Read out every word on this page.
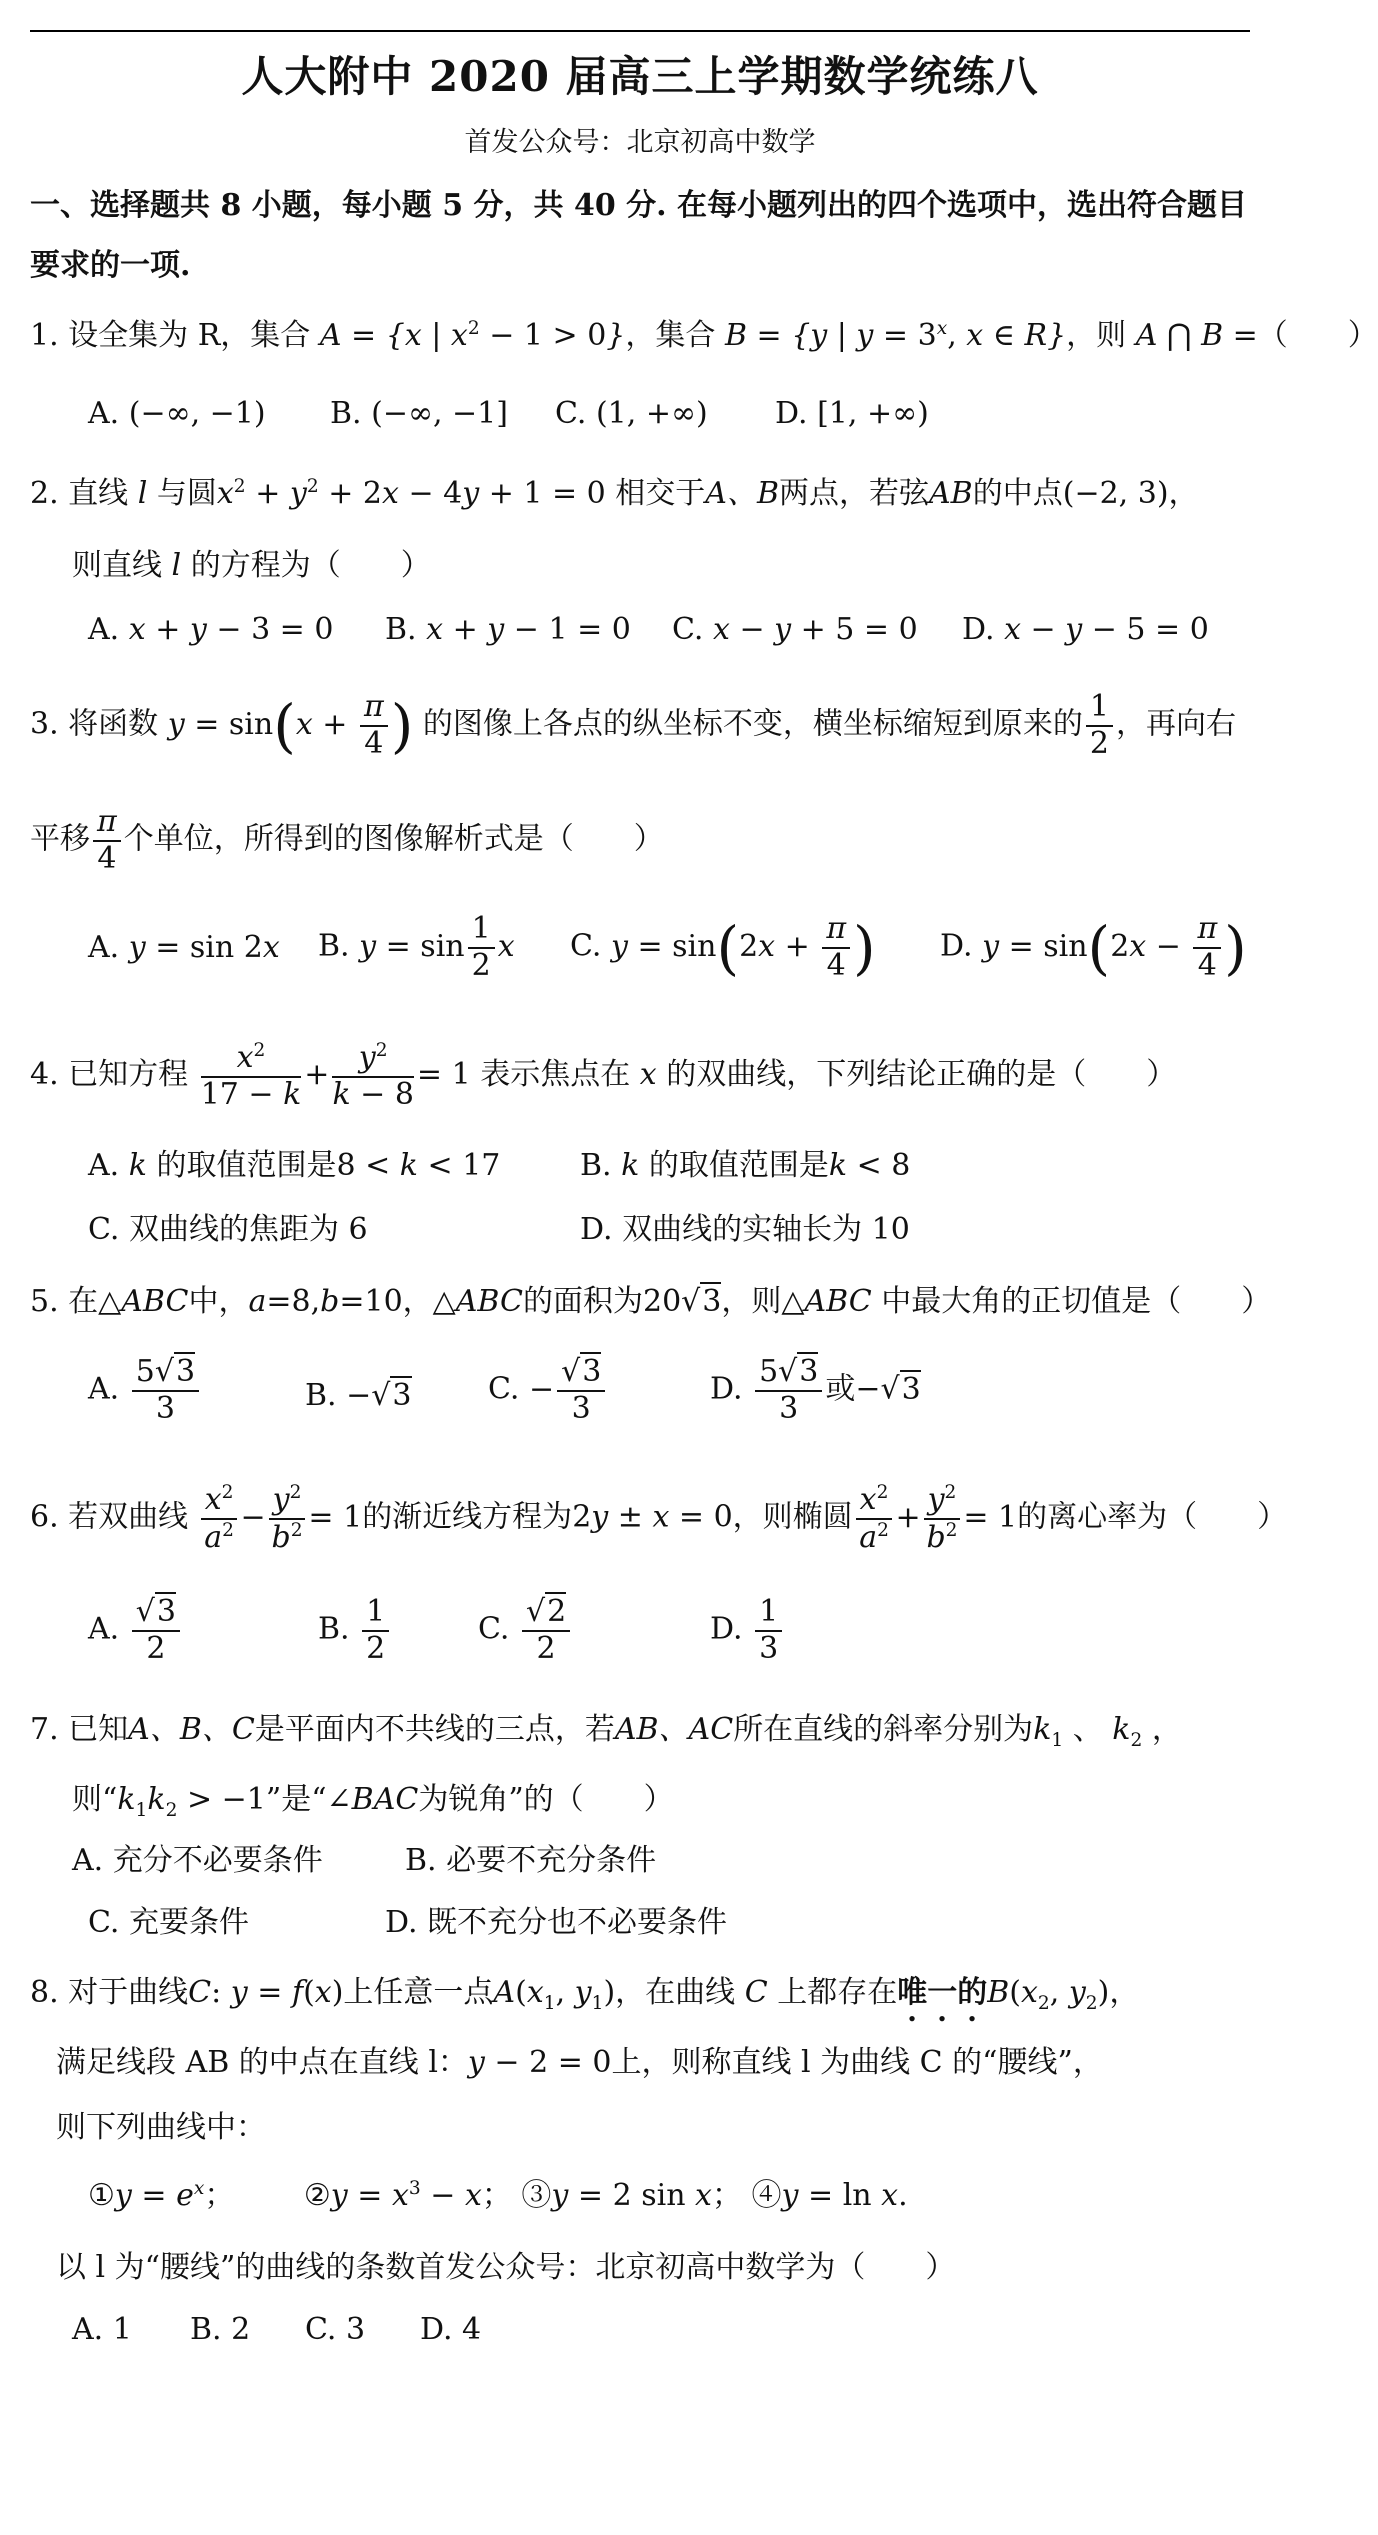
人大附中 2020 届高三上学期数学统练八
首发公众号：北京初高中数学
一、选择题共 8 小题，每小题 5 分，共 40 分. 在每小题列出的四个选项中，选出符合题目
要求的一项.
1. 设全集为 R，集合 A = {x | $x^2 - 1 > 0$}，集合 B = {y | $y = 3^x$, x ∈ R}，则 A ⋂ B =（　　）
A. (−∞, −1) B. (−∞, −1] C. (1, +∞) D. [1, +∞)
2. 直线 l 与圆$x^2 + y^2 + 2x - 4y + 1 = 0$ 相交于A、B两点，若弦AB的中点(−2, 3)，
则直线 l 的方程为（　　）
A. x + y − 3 = 0 B. x + y − 1 = 0 C. x − y + 5 = 0 D. x − y − 5 = 0
3. 将函数 $y = \sin(x + \frac{\pi}{4}$ ) 的图像上各点的纵坐标不变，横坐标缩短到原来的 $\frac{1}{2}$ ，再向右
平移 $\frac{\pi}{4}$ 个单位，所得到的图像解析式是（　　）
A. y = sin 2x B. $y = \sin \frac{1}{2}$ x C. $y = \sin(2x + \frac{\pi}{4}$ ) D. $y = \sin(2x - \frac{\pi}{4}$ )
4. 已知方程 $\frac{x^2}{17 - k} + \frac{y^2}{k - 8} = 1$ 表示焦点在 x 的双曲线，下列结论正确的是（　　）
A. k 的取值范围是8 < k < 17	B. k 的取值范围是k < 8
C. 双曲线的焦距为 6	D. 双曲线的实轴长为 10
5. 在△ABC中，a=8,b=10，△ABC的面积为20√3，则△ABC 中最大角的正切值是（　　）
A. $\frac{5√3}{3}$	B. −√3	C. − $\frac{√3}{3}$	D. $\frac{5√3}{3}$ 或−√3
6. 若双曲线 $\frac{x^2}{a^2} - \frac{y^2}{b^2} = 1$的渐近线方程为2y ± x = 0，则椭圆 $\frac{x^2}{a^2} + \frac{y^2}{b^2} = 1$的离心率为（　　）
A. $\frac{√3}{2}$	B. $\frac{1}{2}$	C. $\frac{√2}{2}$	D. $\frac{1}{3}$
7. 已知A、B、C是平面内不共线的三点，若AB、AC所在直线的斜率分别为$k_1$ 、 $k_2$ ，
则“$k_1k_2 > -1$”是“∠BAC为锐角”的（　　）
A. 充分不必要条件	B. 必要不充分条件
C. 充要条件	D. 既不充分也不必要条件
8. 对于曲线C: y = f(x)上任意一点$A(x_1$, $y_1$)，在曲线 C 上都存在唯一的$B(x_2$, $y_2$)，
满足线段 AB 的中点在直线 l：y − 2 = 0上，则称直线 l 为曲线 C 的“腰线”，
则下列曲线中：
①y = $e^x$； ②y = $x^3 - x$； ③y = 2 sin x； ④y = ln x.
以 l 为“腰线”的曲线的条数首发公众号：北京初高中数学为（　　）
A. 1 B. 2 C. 3 D. 4
